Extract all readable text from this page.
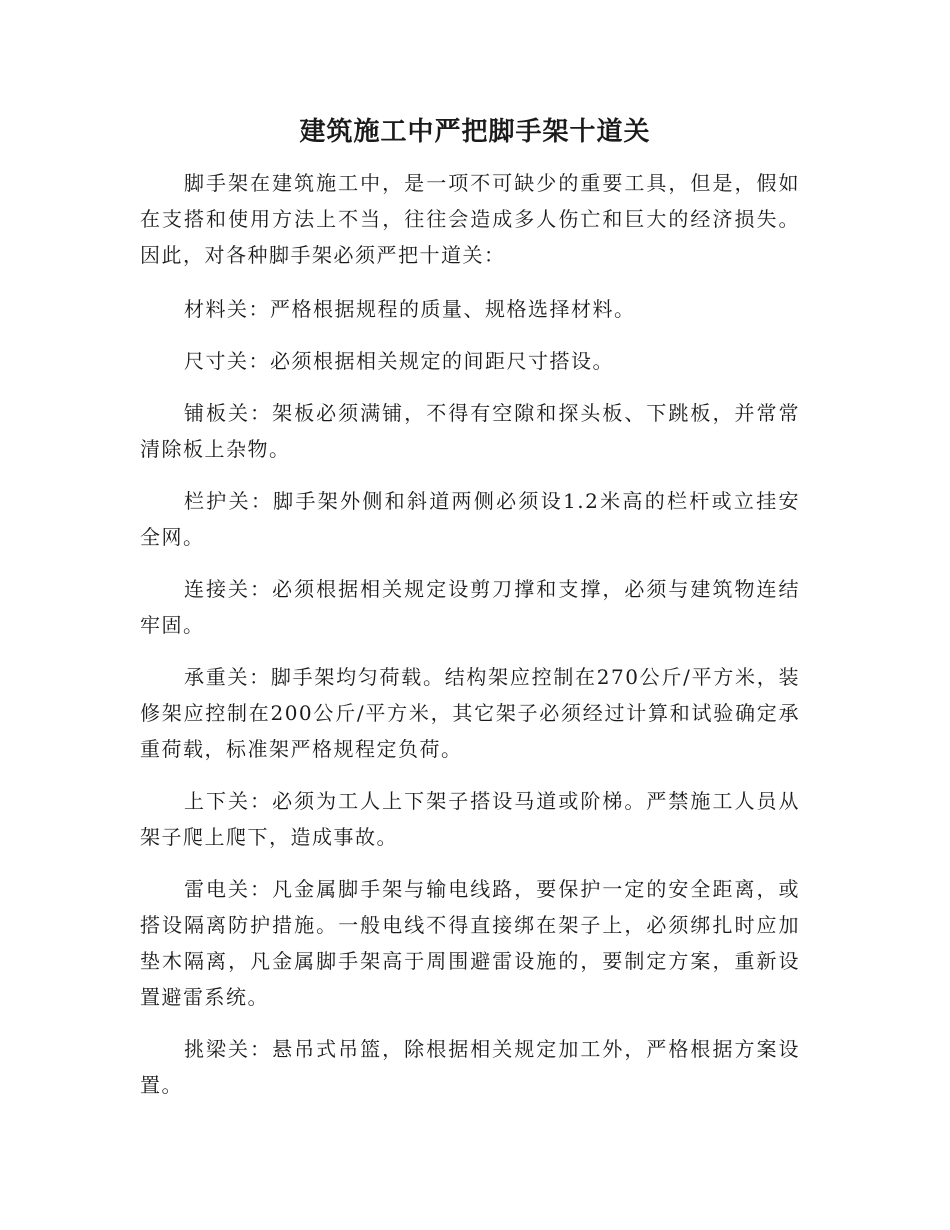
建筑施工中严把脚手架十道关

脚手架在建筑施工中，是一项不可缺少的重要工具，但是，假如在支搭和使用方法上不当，往往会造成多人伤亡和巨大的经济损失。因此，对各种脚手架必须严把十道关：

材料关：严格根据规程的质量、规格选择材料。

尺寸关：必须根据相关规定的间距尺寸搭设。

铺板关：架板必须满铺，不得有空隙和探头板、下跳板，并常常清除板上杂物。

栏护关：脚手架外侧和斜道两侧必须设1.2米高的栏杆或立挂安全网。

连接关：必须根据相关规定设剪刀撑和支撑，必须与建筑物连结牢固。

承重关：脚手架均匀荷载。结构架应控制在270公斤/平方米，装修架应控制在200公斤/平方米，其它架子必须经过计算和试验确定承重荷载，标准架严格规程定负荷。

上下关：必须为工人上下架子搭设马道或阶梯。严禁施工人员从架子爬上爬下，造成事故。

雷电关：凡金属脚手架与输电线路，要保护一定的安全距离，或搭设隔离防护措施。一般电线不得直接绑在架子上，必须绑扎时应加垫木隔离，凡金属脚手架高于周围避雷设施的，要制定方案，重新设置避雷系统。

挑梁关：悬吊式吊篮，除根据相关规定加工外，严格根据方案设置。
